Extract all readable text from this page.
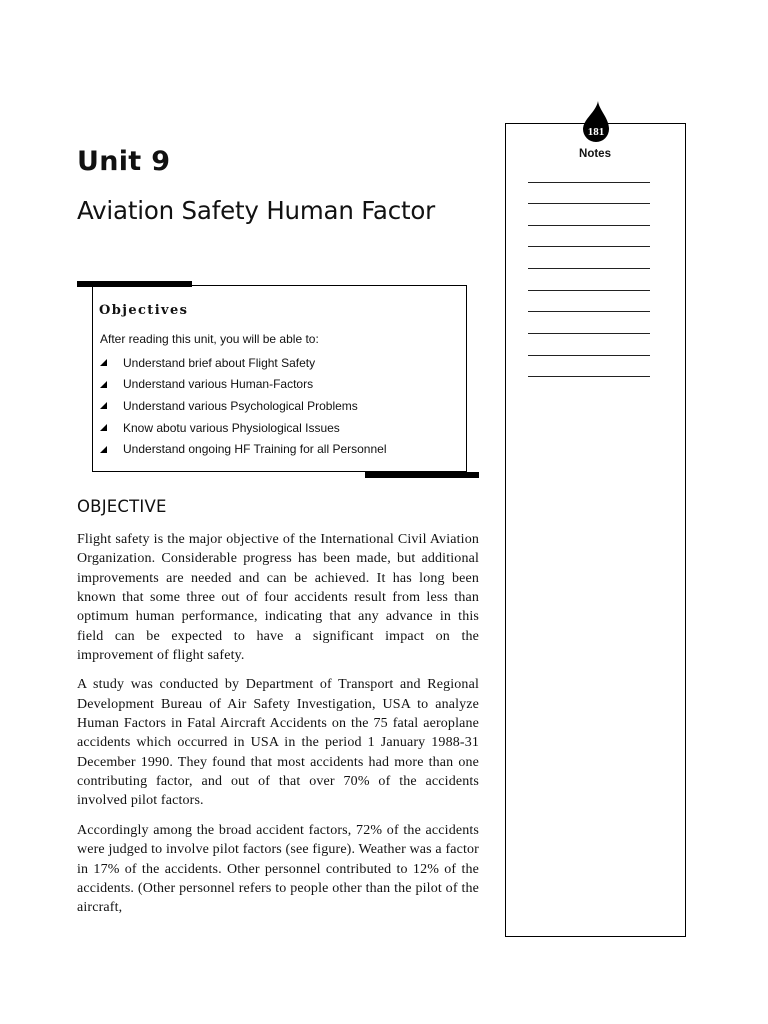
Unit 9
Aviation Safety Human Factor
Objectives

After reading this unit, you will be able to:

Understand brief about Flight Safety
Understand various Human-Factors
Understand various Psychological Problems
Know abotu various Physiological Issues
Understand ongoing HF Training for all Personnel
OBJECTIVE

Flight safety is the major objective of the International Civil Aviation Organization. Considerable progress has been made, but additional improvements are needed and can be achieved. It has long been known that some three out of four accidents result from less than optimum human performance, indicating that any advance in this field can be expected to have a significant impact on the improvement of flight safety.

A study was conducted by Department of Transport and Regional Development Bureau of Air Safety Investigation, USA to analyze Human Factors in Fatal Aircraft Accidents on the 75 fatal aeroplane accidents which occurred in USA in the period 1 January 1988-31 December 1990. They found that most accidents had more than one contributing factor, and out of that over 70% of the accidents involved pilot factors.

Accordingly among the broad accident factors, 72% of the accidents were judged to involve pilot factors (see figure). Weather was a factor in 17% of the accidents. Other personnel contributed to 12% of the accidents. (Other personnel refers to people other than the pilot of the aircraft,

181
Notes
